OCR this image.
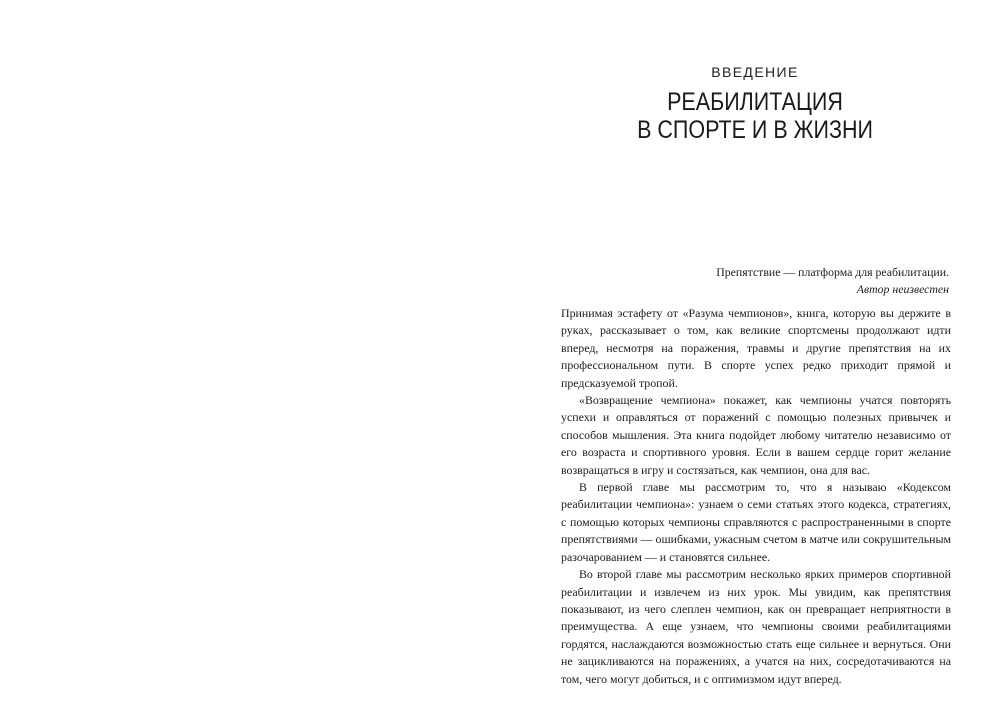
ВВЕДЕНИЕ
РЕАБИЛИТАЦИЯ
В СПОРТЕ И В ЖИЗНИ
Препятствие — платформа для реабилитации.
Автор неизвестен

Принимая эстафету от «Разума чемпионов», книга, которую вы держите в руках, рассказывает о том, как великие спортсмены продолжают идти вперед, несмотря на поражения, травмы и другие препятствия на их профессиональном пути. В спорте успех редко приходит прямой и предсказуемой тропой.

«Возвращение чемпиона» покажет, как чемпионы учатся повторять успехи и оправляться от поражений с помощью полезных привычек и способов мышления. Эта книга подойдет любому читателю независимо от его возраста и спортивного уровня. Если в вашем сердце горит желание возвращаться в игру и состязаться, как чемпион, она для вас.

В первой главе мы рассмотрим то, что я называю «Кодексом реабилитации чемпиона»: узнаем о семи статьях этого кодекса, стратегиях, с помощью которых чемпионы справляются с распространенными в спорте препятствиями — ошибками, ужасным счетом в матче или сокрушительным разочарованием — и становятся сильнее.

Во второй главе мы рассмотрим несколько ярких примеров спортивной реабилитации и извлечем из них урок. Мы увидим, как препятствия показывают, из чего слеплен чемпион, как он превращает неприятности в преимущества. А еще узнаем, что чемпионы своими реабилитациями гордятся, наслаждаются возможностью стать еще сильнее и вернуться. Они не зацикливаются на поражениях, а учатся на них, сосредотачиваются на том, чего могут добиться, и с оптимизмом идут вперед.
